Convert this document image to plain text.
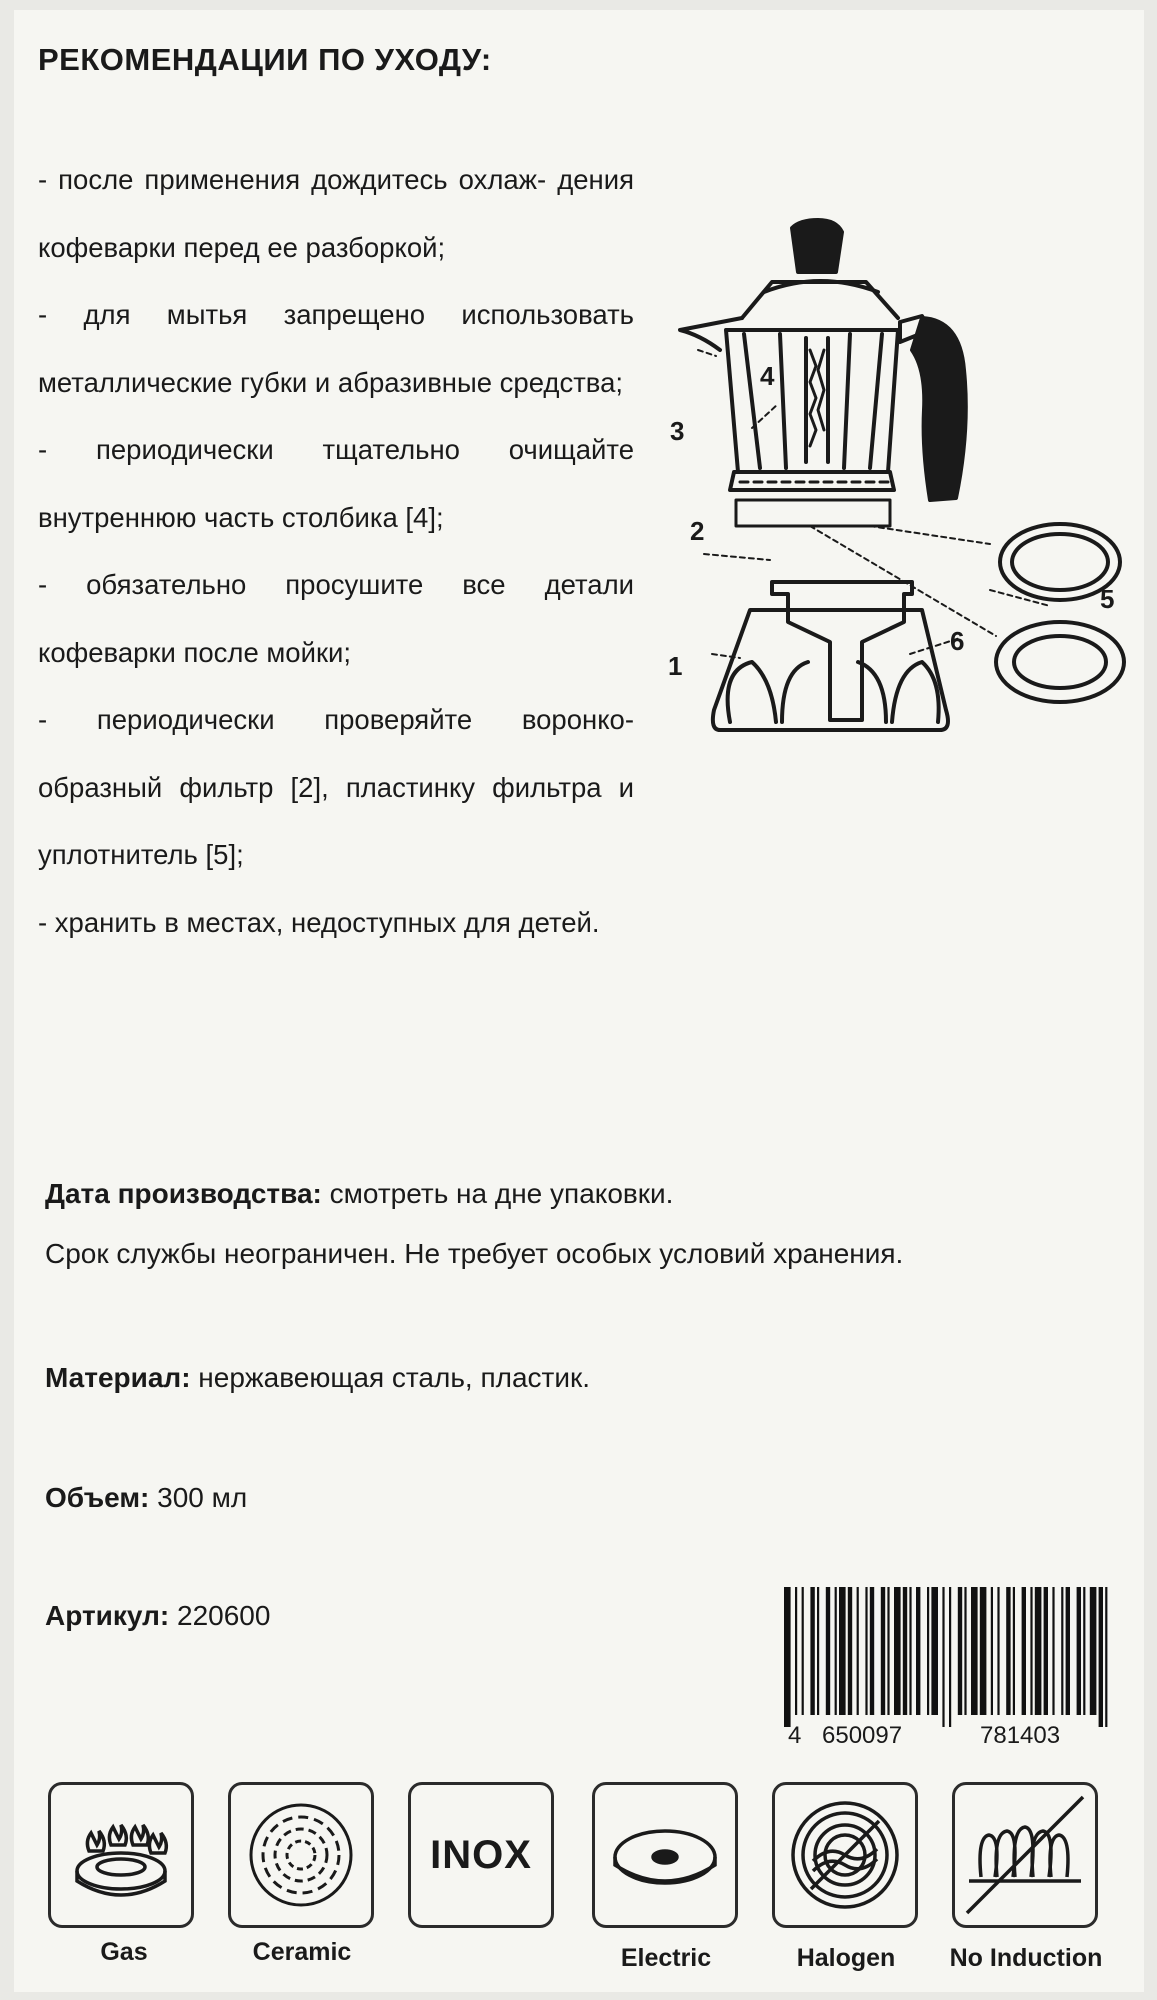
РЕКОМЕНДАЦИИ ПО УХОДУ:
- после применения дождитесь охлаж- дения кофеварки перед ее разборкой;
- для мытья запрещено использовать металлические губки и абразивные средства;
- периодически тщательно очищайте внутреннюю часть столбика [4];
- обязательно просушите все детали кофеварки после мойки;
- периодически проверяйте воронко- образный фильтр [2], пластинку фильтра и уплотнитель [5];
- хранить в местах, недоступных для детей.
1
2
3
4
5
6
Дата производства: смотреть на дне упаковки.
Срок службы неограничен. Не требует особых условий хранения.
Материал: нержавеющая сталь, пластик.
Объем: 300 мл
Артикул: 220600
4 650097	781403
Gas	Ceramic
INOX
Electric	Halogen	No Induction
